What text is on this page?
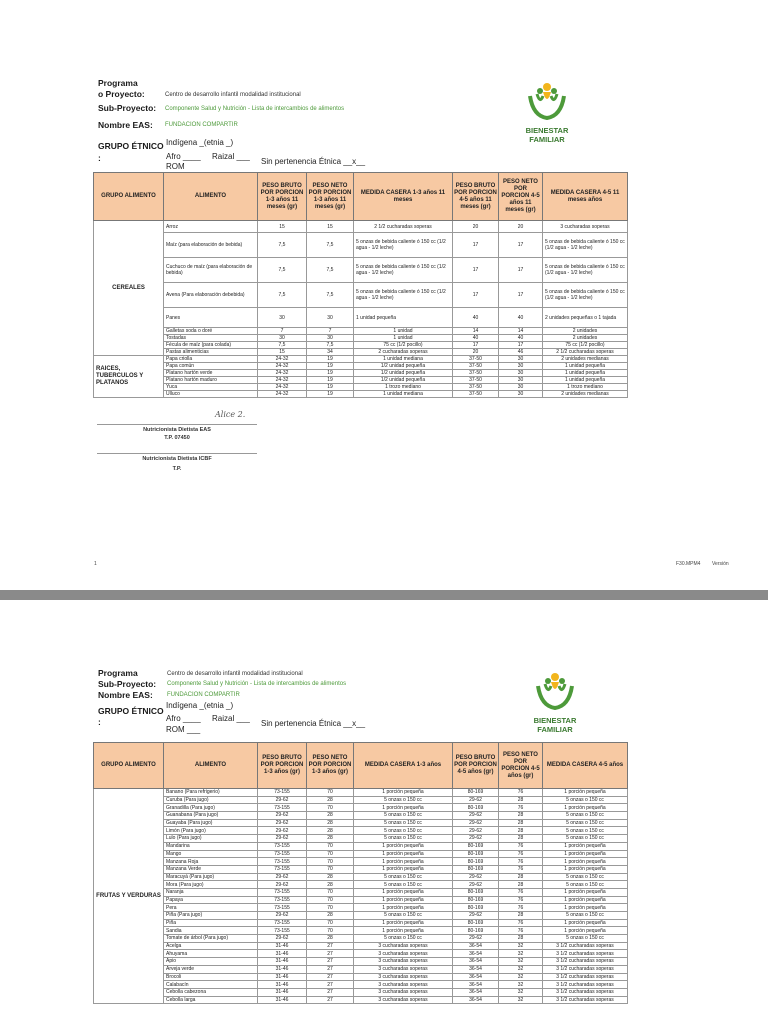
Programa
o Proyecto:	Centro de desarrollo infantil modalidad institucional
Sub-Proyecto: Componente Salud y Nutrición - Lista de intercambios de alimentos
Nombre EAS: FUNDACION COMPARTIR
BIENESTAR
FAMILIAR
GRUPO ÉTNICO
:
Indígena _(etnia _)
Afro ____ Raizal ___
ROM
Sin pertenencia Étnica __x__
GRUPO ALIMENTO	ALIMENTO	PESO BRUTO POR PORCION 1-3 años 11 meses (gr)	PESO NETO POR PORCION 1-3 años 11 meses (gr)	MEDIDA CASERA 1-3 años 11 meses	PESO BRUTO POR PORCION 4-5 años 11 meses (gr)	PESO NETO POR PORCION 4-5 años 11 meses (gr)	MEDIDA CASERA 4-5 11 meses años
CEREALES	Arroz	15	15	2 1/2 cucharadas soperas	20	20	3 cucharadas soperas
	Maíz (para elaboración de bebida)	7,5	7,5	5 onzas de bebida caliente ó 150 cc (1/2 agua - 1/2 leche)	17	17	5 onzas de bebida caliente ó 150 cc (1/2 agua - 1/2 leche)
	Cuchuco de maíz (para elaboración de bebida)	7,5	7,5	5 onzas de bebida caliente ó 150 cc (1/2 agua - 1/2 leche)	17	17	5 onzas de bebida caliente ó 150 cc (1/2 agua - 1/2 leche)
	Avena (Para elaboración debebida)	7,5	7,5	5 onzas de bebida caliente ó 150 cc (1/2 agua - 1/2 leche)	17	17	5 onzas de bebida caliente ó 150 cc (1/2 agua - 1/2 leche)
	Panes	30	30	1 unidad pequeña	40	40	2 unidades pequeñas o 1 tajada
	Galletas soda o doré	7	7	1 unidad	14	14	2 unidades
	Tostadas	30	30	1 unidad	40	40	2 unidades
	Fécula de maíz (para colada)	7,5	7,5	75 cc (1/2 pocillo)	17	17	75 cc (1/2 pocillo)
	Pastas alimenticias	15	34	2 cucharadas soperas	20	46	2 1/2 cucharadas soperas
RAICES, TUBERCULOS Y PLATANOS	Papa criolla	24-32	19	1 unidad mediana	37-50	30	2 unidades medianas
	Papa común	24-32	19	1/2 unidad pequeña	37-50	30	1 unidad pequeña
	Platano hartón verde	24-32	19	1/2 unidad pequeña	37-50	30	1 unidad pequeña
	Platano hartón maduro	24-32	19	1/2 unidad pequeña	37-50	30	1 unidad pequeña
	Yuca	24-32	19	1 trozo mediano	37-50	30	1 trozo mediano
	Ulluco	24-32	19	1 unidad mediana	37-50	30	2 unidades medianas
Alice 2.
Nutricionista Dietista EAS
T.P. 07450
Nutricionista Dietista ICBF
T.P.
1	F30.MPM4 Versión
Programa	Centro de desarrollo infantil modalidad institucional
Sub-Proyecto: Componente Salud y Nutrición - Lista de intercambios de alimentos
Nombre EAS: FUNDACION COMPARTIR
BIENESTAR
FAMILIAR
GRUPO ÉTNICO
:
Indígena _(etnia _)
Afro ____ Raizal ___
ROM ___
Sin pertenencia Étnica __x__
GRUPO ALIMENTO	ALIMENTO	PESO BRUTO POR PORCION 1-3 años (gr)	PESO NETO POR PORCION 1-3 años (gr)	MEDIDA CASERA 1-3 años	PESO BRUTO POR PORCION 4-5 años (gr)	PESO NETO POR PORCION 4-5 años (gr)	MEDIDA CASERA 4-5 años
FRUTAS Y VERDURAS	Banano (Para refrigerio)	73-155	70	1 porción pequeña	80-169	76	1 porción pequeña
	Curuba (Para jugo)	29-62	28	5 onzas o 150 cc	29-62	28	5 onzas o 150 cc
	Granadilla (Para jugo)	73-155	70	1 porción pequeña	80-169	76	1 porción pequeña
	Guanabana (Para jugo)	29-62	28	5 onzas o 150 cc	29-62	28	5 onzas o 150 cc
	Guayaba (Para jugo)	29-62	28	5 onzas o 150 cc	29-62	28	5 onzas o 150 cc
	Limón (Para jugo)	29-62	28	5 onzas o 150 cc	29-62	28	5 onzas o 150 cc
	Lulo (Para jugo)	29-62	28	5 onzas o 150 cc	29-62	28	5 onzas o 150 cc
	Mandarina	73-155	70	1 porción pequeña	80-169	76	1 porción pequeña
	Mango	73-155	70	1 porción pequeña	80-169	76	1 porción pequeña
	Manzana Roja	73-155	70	1 porción pequeña	80-169	76	1 porción pequeña
	Manzana Verde	73-155	70	1 porción pequeña	80-169	76	1 porción pequeña
	Maracuyá (Para jugo)	29-62	28	5 onzas o 150 cc	29-62	28	5 onzas o 150 cc
	Mora (Para jugo)	29-62	28	5 onzas o 150 cc	29-62	28	5 onzas o 150 cc
	Naranja	73-155	70	1 porción pequeña	80-169	76	1 porción pequeña
	Papaya	73-155	70	1 porción pequeña	80-169	76	1 porción pequeña
	Pera	73-155	70	1 porción pequeña	80-169	76	1 porción pequeña
	Piña (Para jugo)	29-62	28	5 onzas o 150 cc	29-62	28	5 onzas o 150 cc
	Piña	73-155	70	1 porción pequeña	80-169	76	1 porción pequeña
	Sandia	73-155	70	1 porción pequeña	80-169	76	1 porción pequeña
	Tomate de árbol (Para jugo)	29-62	28	5 onzas o 150 cc	29-62	28	5 onzas o 150 cc
	Acelga	31-46	27	3 cucharadas soperas	36-54	32	3 1/2 cucharadas soperas
	Ahuyama	31-46	27	3 cucharadas soperas	36-54	32	3 1/2 cucharadas soperas
	Apio	31-46	27	3 cucharadas soperas	36-54	32	3 1/2 cucharadas soperas
	Arveja verde	31-46	27	3 cucharadas soperas	36-54	32	3 1/2 cucharadas soperas
	Brocoli	31-46	27	3 cucharadas soperas	36-54	32	3 1/2 cucharadas soperas
	Calabacín	31-46	27	3 cucharadas soperas	36-54	32	3 1/2 cucharadas soperas
	Cebolla cabezona	31-46	27	3 cucharadas soperas	36-54	32	3 1/2 cucharadas soperas
	Cebolla larga	31-46	27	3 cucharadas soperas	36-54	32	3 1/2 cucharadas soperas
